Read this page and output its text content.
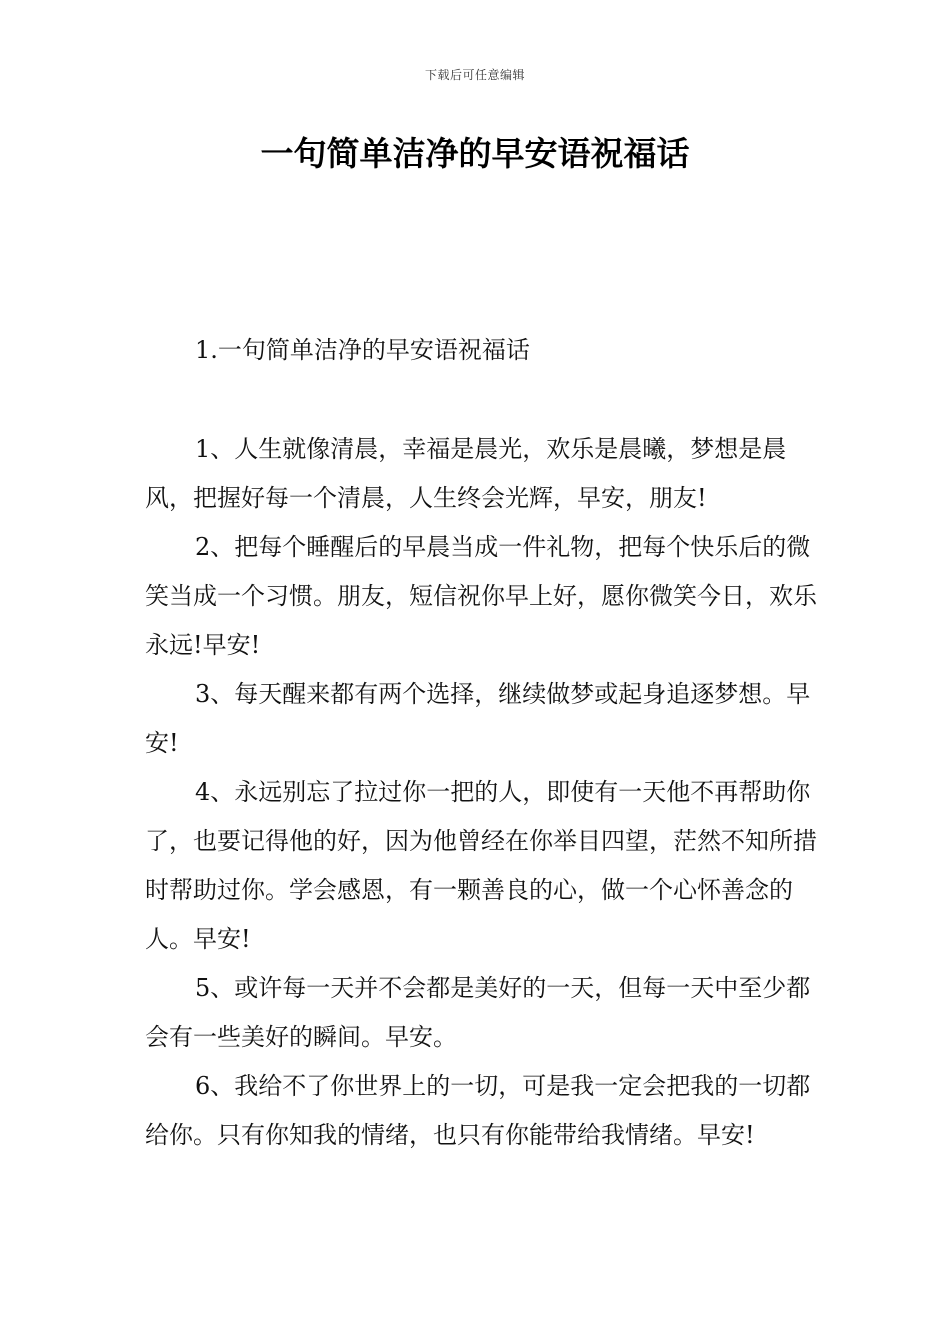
下载后可任意编辑
一句简单洁净的早安语祝福话

1.一句简单洁净的早安语祝福话

1、人生就像清晨，幸福是晨光，欢乐是晨曦，梦想是晨风，把握好每一个清晨，人生终会光辉，早安，朋友!

2、把每个睡醒后的早晨当成一件礼物，把每个快乐后的微笑当成一个习惯。朋友，短信祝你早上好，愿你微笑今日，欢乐永远!早安!

3、每天醒来都有两个选择，继续做梦或起身追逐梦想。早安!

4、永远别忘了拉过你一把的人，即使有一天他不再帮助你了，也要记得他的好，因为他曾经在你举目四望，茫然不知所措时帮助过你。学会感恩，有一颗善良的心，做一个心怀善念的人。早安!

5、或许每一天并不会都是美好的一天，但每一天中至少都会有一些美好的瞬间。早安。

6、我给不了你世界上的一切，可是我一定会把我的一切都给你。只有你知我的情绪，也只有你能带给我情绪。早安!
